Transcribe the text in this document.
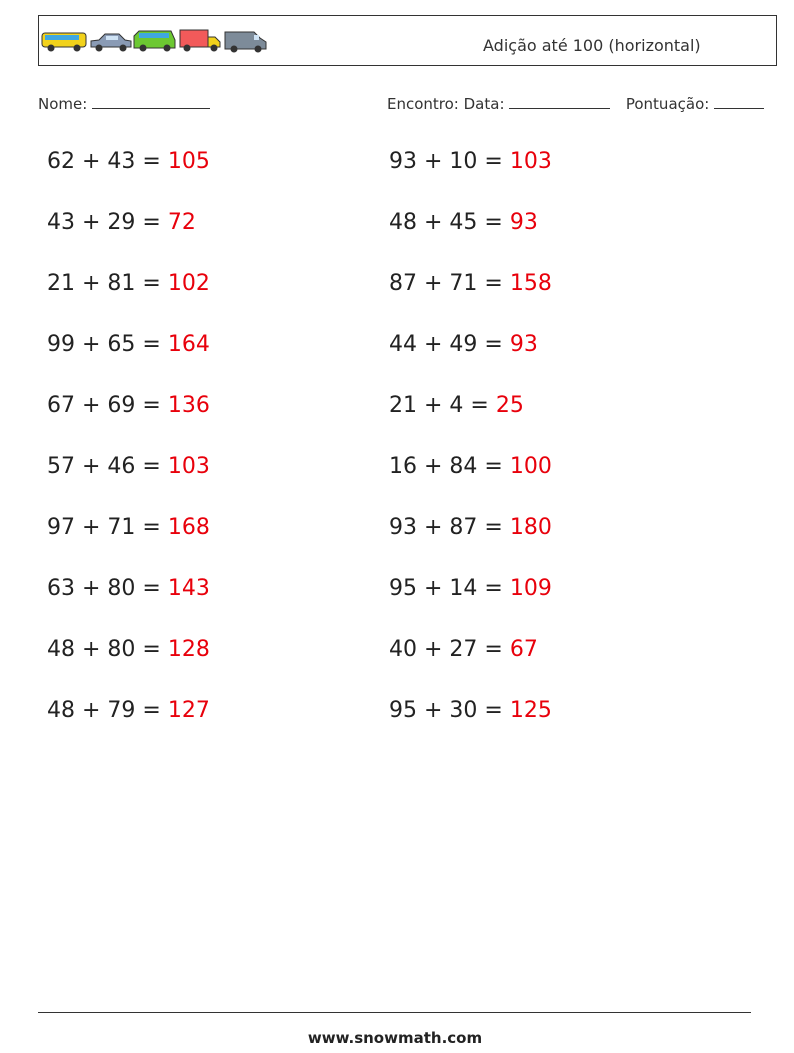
Adição até 100 (horizontal)
Nome:	Encontro: Data:	Pontuação:
62 + 43 = 105
43 + 29 = 72
21 + 81 = 102
99 + 65 = 164
67 + 69 = 136
57 + 46 = 103
97 + 71 = 168
63 + 80 = 143
48 + 80 = 128
48 + 79 = 127
93 + 10 = 103
48 + 45 = 93
87 + 71 = 158
44 + 49 = 93
21 + 4 = 25
16 + 84 = 100
93 + 87 = 180
95 + 14 = 109
40 + 27 = 67
95 + 30 = 125
www.snowmath.com
